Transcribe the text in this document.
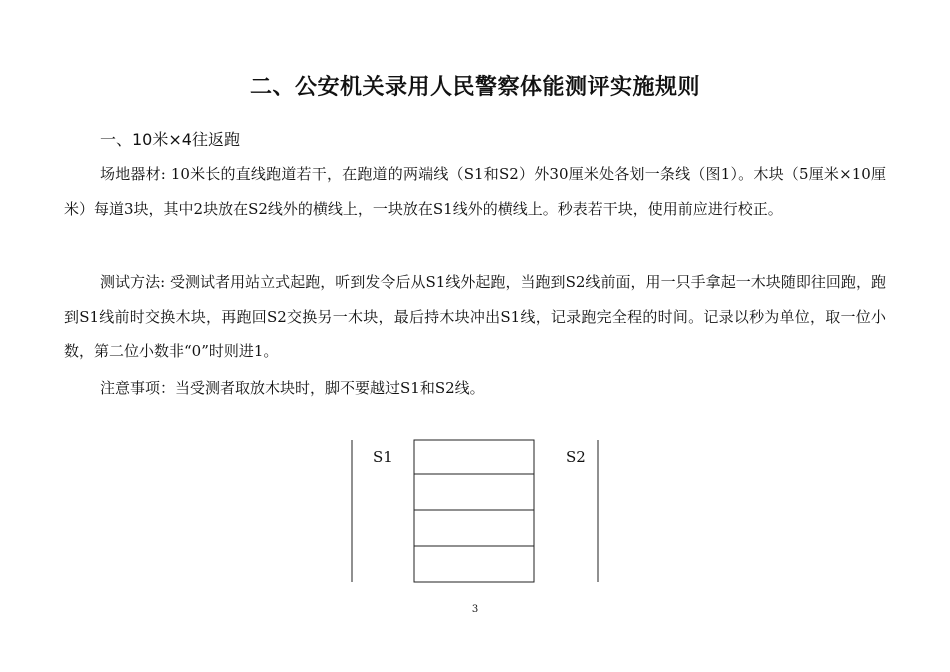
二、公安机关录用人民警察体能测评实施规则
一、10米×4往返跑

场地器材: 10米长的直线跑道若干，在跑道的两端线（S1和S2）外30厘米处各划一条线（图1）。木块（5厘米×10厘米）每道3块，其中2块放在S2线外的横线上，一块放在S1线外的横线上。秒表若干块，使用前应进行校正。

测试方法: 受测试者用站立式起跑，听到发令后从S1线外起跑，当跑到S2线前面，用一只手拿起一木块随即往回跑，跑到S1线前时交换木块，再跑回S2交换另一木块，最后持木块冲出S1线，记录跑完全程的时间。记录以秒为单位，取一位小数，第二位小数非“0”时则进1。

注意事项：当受测者取放木块时，脚不要越过S1和S2线。

S1	S2
3
